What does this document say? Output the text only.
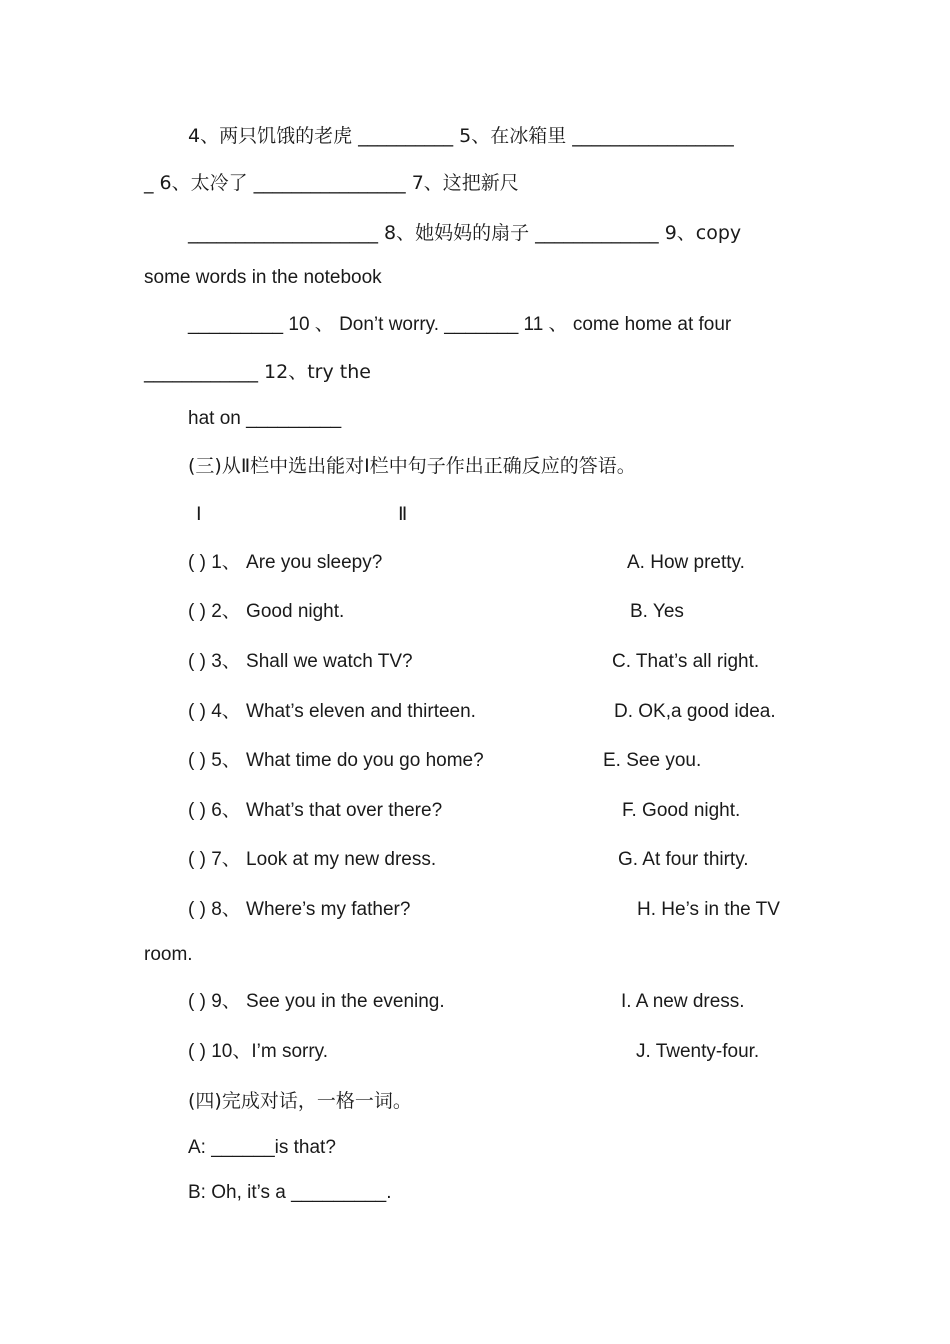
4、两只饥饿的老虎 __________ 5、在冰箱里 _________________
_ 6、太冷了 ________________ 7、这把新尺
____________________ 8、她妈妈的扇子 _____________ 9、copy
some words in the notebook
_________ 10 、 Don’t worry. _______ 11 、 come home at four
____________ 12、try the
hat on _________
(三)从Ⅱ栏中选出能对Ⅰ栏中句子作出正确反应的答语。
Ⅰ	Ⅱ
( ) 1、 Are you sleepy?	A. How pretty.
( ) 2、 Good night.	B. Yes
( ) 3、 Shall we watch TV?	C. That’s all right.
( ) 4、 What’s eleven and thirteen.	D. OK,a good idea.
( ) 5、 What time do you go home?	E. See you.
( ) 6、 What’s that over there?	F. Good night.
( ) 7、 Look at my new dress.	G. At four thirty.
( ) 8、 Where’s my father?	H. He’s in the TV
room.
( ) 9、 See you in the evening.	I. A new dress.
( ) 10、I’m sorry.	J. Twenty-four.
(四)完成对话，一格一词。
A: ______is that?
B: Oh, it’s a _________.
